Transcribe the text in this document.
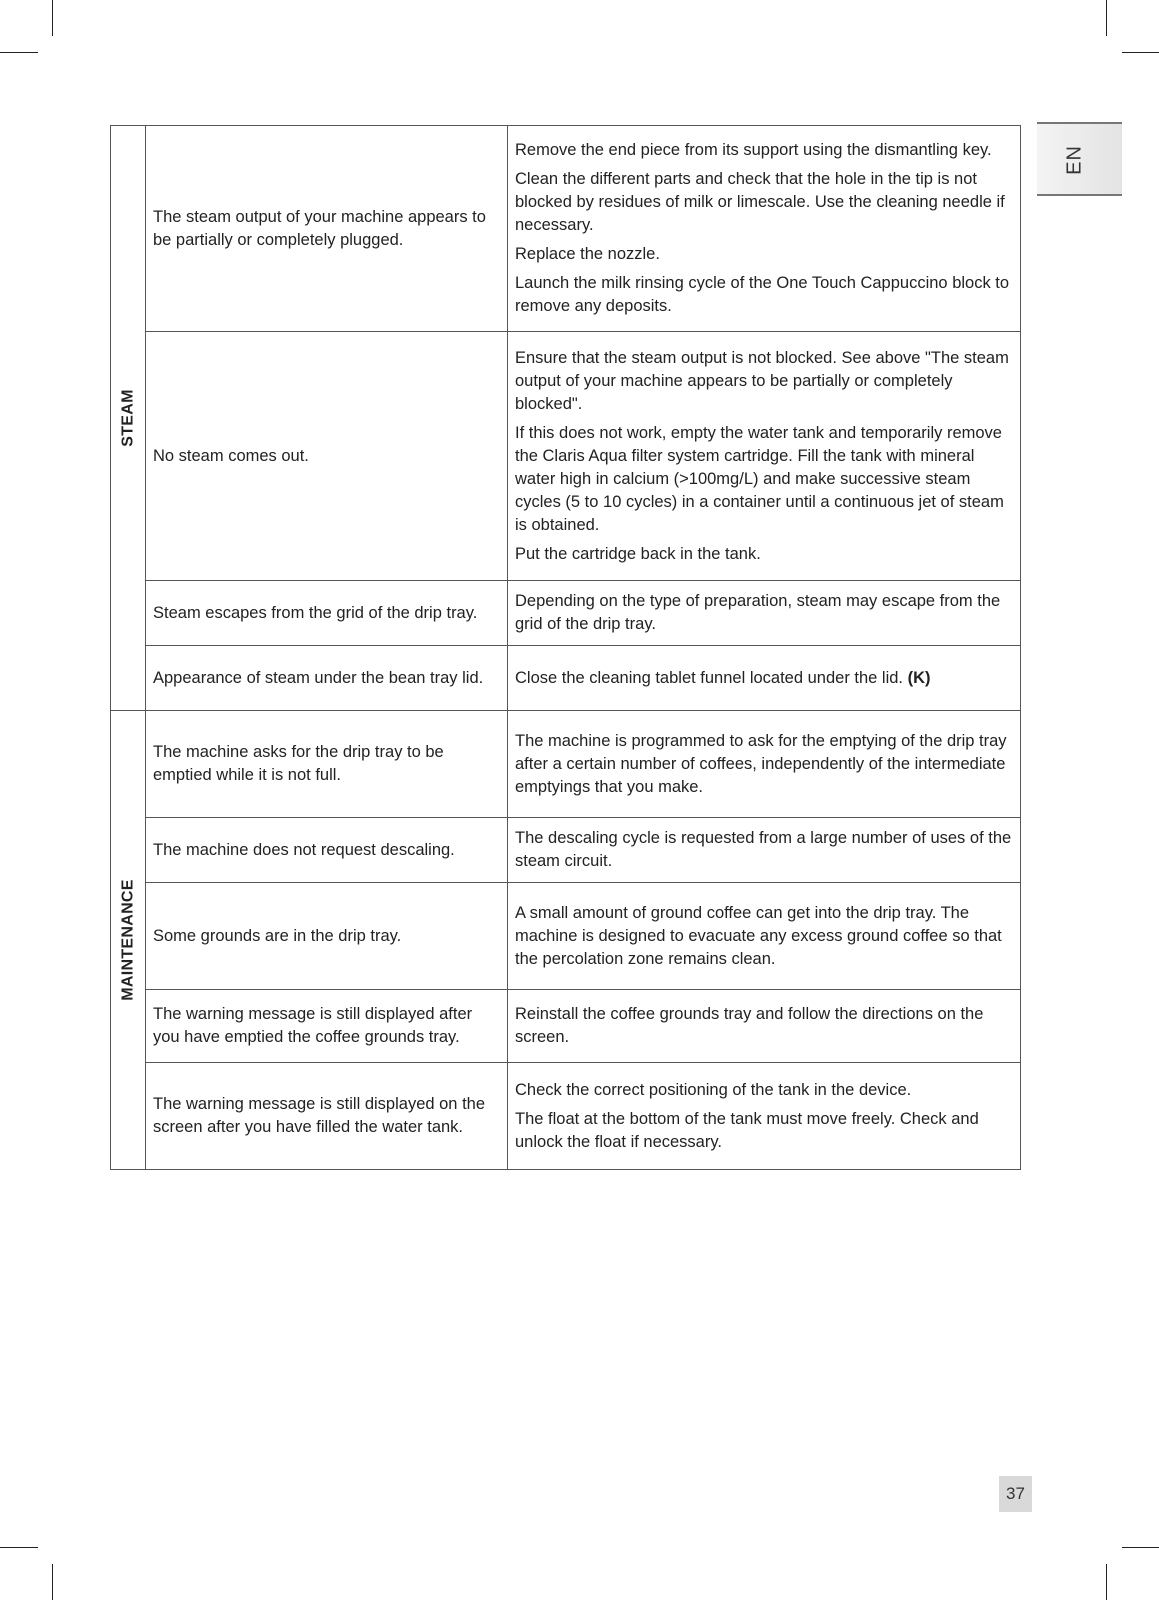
EN
STEAM	The steam output of your machine appears to be partially or completely plugged.	Remove the end piece from its support using the dismantling key.

Clean the different parts and check that the hole in the tip is not blocked by residues of milk or limescale. Use the cleaning needle if necessary.

Replace the nozzle.

Launch the milk rinsing cycle of the One Touch Cappuccino block to remove any deposits.

	No steam comes out.	Ensure that the steam output is not blocked. See above "The steam output of your machine appears to be partially or completely blocked".

If this does not work, empty the water tank and temporarily remove the Claris Aqua filter system cartridge. Fill the tank with mineral water high in calcium (>100mg/L) and make successive steam cycles (5 to 10 cycles) in a container until a continuous jet of steam is obtained.

Put the cartridge back in the tank.

	Steam escapes from the grid of the drip tray.	Depending on the type of preparation, steam may escape from the grid of the drip tray.

	Appearance of steam under the bean tray lid.	Close the cleaning tablet funnel located under the lid. (K)

MAINTENANCE	The machine asks for the drip tray to be emptied while it is not full.	The machine is programmed to ask for the emptying of the drip tray after a certain number of coffees, independently of the intermediate emptyings that you make.

	The machine does not request descaling.	The descaling cycle is requested from a large number of uses of the steam circuit.

	Some grounds are in the drip tray.	A small amount of ground coffee can get into the drip tray. The machine is designed to evacuate any excess ground coffee so that the percolation zone remains clean.

	The warning message is still displayed after you have emptied the coffee grounds tray.	Reinstall the coffee grounds tray and follow the directions on the screen.

	The warning message is still displayed on the screen after you have filled the water tank.	Check the correct positioning of the tank in the device.

The float at the bottom of the tank must move freely. Check and unlock the float if necessary.

37
